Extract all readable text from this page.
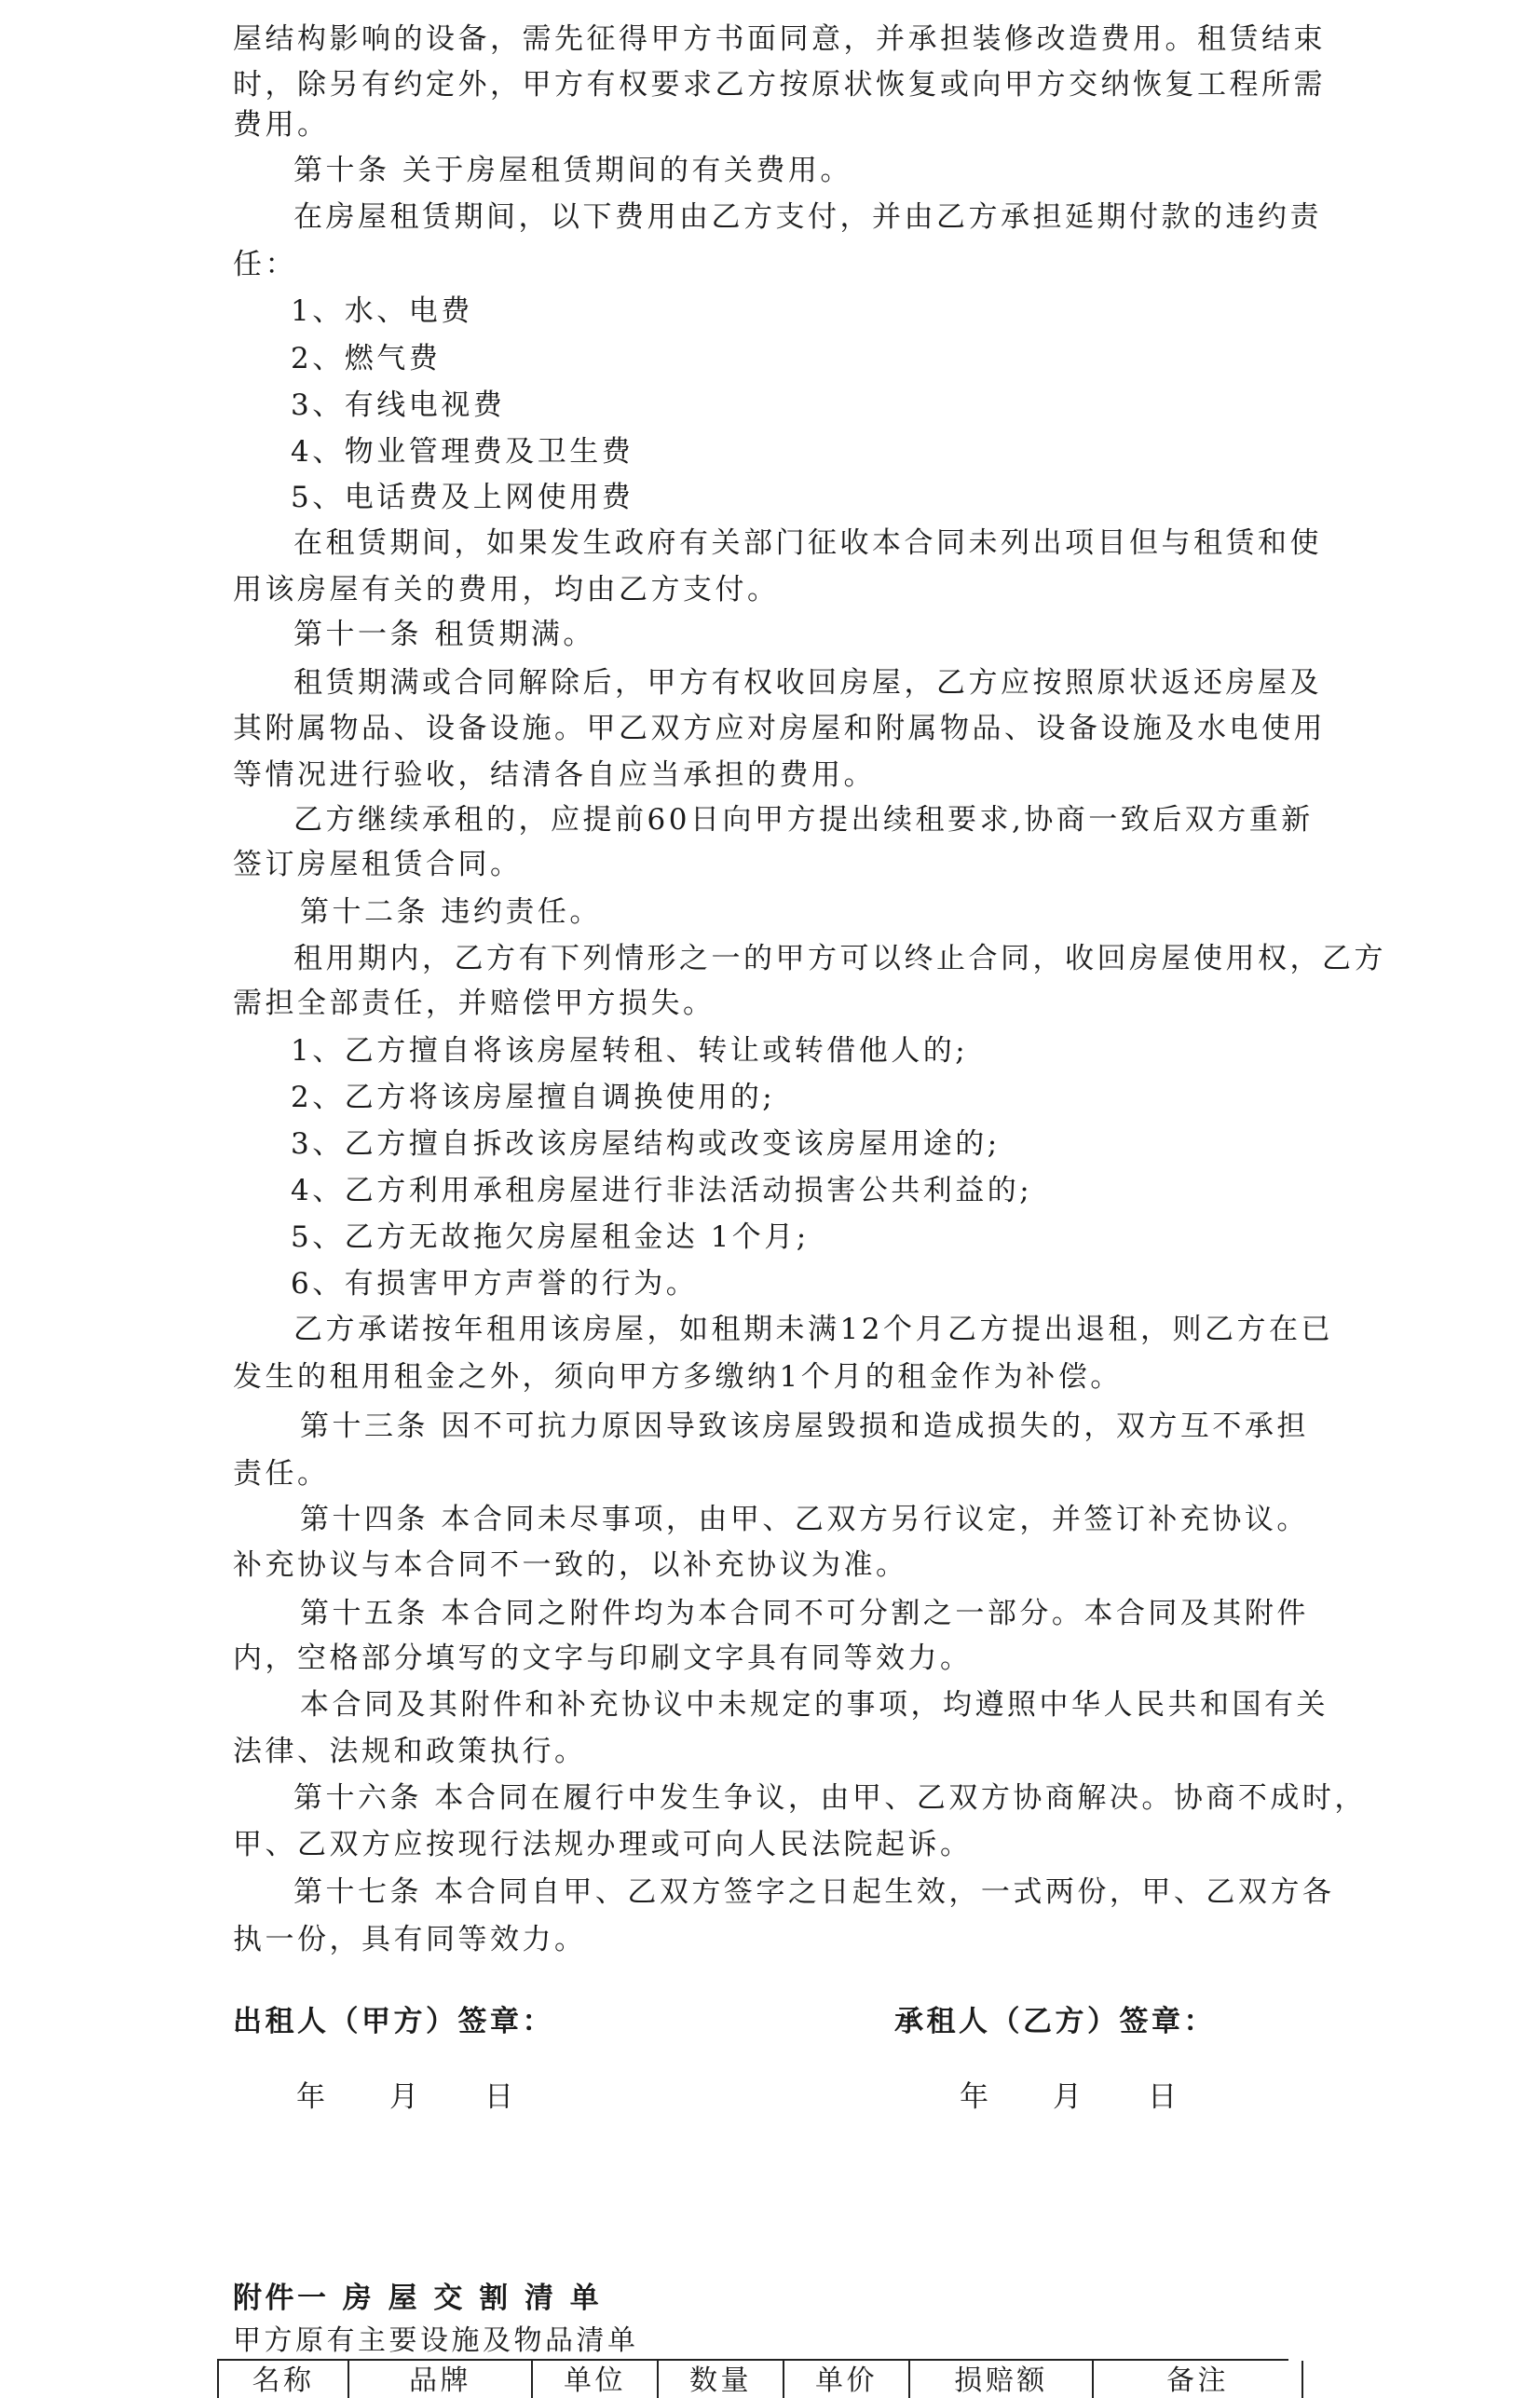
屋结构影响的设备，需先征得甲方书面同意，并承担装修改造费用。租赁结束
时，除另有约定外，甲方有权要求乙方按原状恢复或向甲方交纳恢复工程所需
费用。
第十条 关于房屋租赁期间的有关费用。
在房屋租赁期间，以下费用由乙方支付，并由乙方承担延期付款的违约责
任：
1、水、电费
2、燃气费
3、有线电视费
4、物业管理费及卫生费
5、电话费及上网使用费
在租赁期间，如果发生政府有关部门征收本合同未列出项目但与租赁和使
用该房屋有关的费用，均由乙方支付。
第十一条 租赁期满。
租赁期满或合同解除后，甲方有权收回房屋，乙方应按照原状返还房屋及
其附属物品、设备设施。甲乙双方应对房屋和附属物品、设备设施及水电使用
等情况进行验收，结清各自应当承担的费用。
乙方继续承租的，应提前60日向甲方提出续租要求,协商一致后双方重新
签订房屋租赁合同。
第十二条 违约责任。
租用期内，乙方有下列情形之一的甲方可以终止合同，收回房屋使用权，乙方
需担全部责任，并赔偿甲方损失。
1、乙方擅自将该房屋转租、转让或转借他人的;
2、乙方将该房屋擅自调换使用的;
3、乙方擅自拆改该房屋结构或改变该房屋用途的;
4、乙方利用承租房屋进行非法活动损害公共利益的;
5、乙方无故拖欠房屋租金达 1个月;
6、有损害甲方声誉的行为。
乙方承诺按年租用该房屋，如租期未满12个月乙方提出退租，则乙方在已
发生的租用租金之外，须向甲方多缴纳1个月的租金作为补偿。
第十三条 因不可抗力原因导致该房屋毁损和造成损失的，双方互不承担
责任。
第十四条 本合同未尽事项，由甲、乙双方另行议定，并签订补充协议。
补充协议与本合同不一致的，以补充协议为准。
第十五条 本合同之附件均为本合同不可分割之一部分。本合同及其附件
内，空格部分填写的文字与印刷文字具有同等效力。
本合同及其附件和补充协议中未规定的事项，均遵照中华人民共和国有关
法律、法规和政策执行。
第十六条 本合同在履行中发生争议，由甲、乙双方协商解决。协商不成时，
甲、乙双方应按现行法规办理或可向人民法院起诉。
第十七条 本合同自甲、乙双方签字之日起生效，一式两份，甲、乙双方各
执一份，具有同等效力。
出租人（甲方）签章：	承租人（乙方）签章：
年 月 日	年 月 日
附件一 房 屋 交 割 清 单
甲方原有主要设施及物品清单
名称	品牌	单位	数量	单价	损赔额	备注
